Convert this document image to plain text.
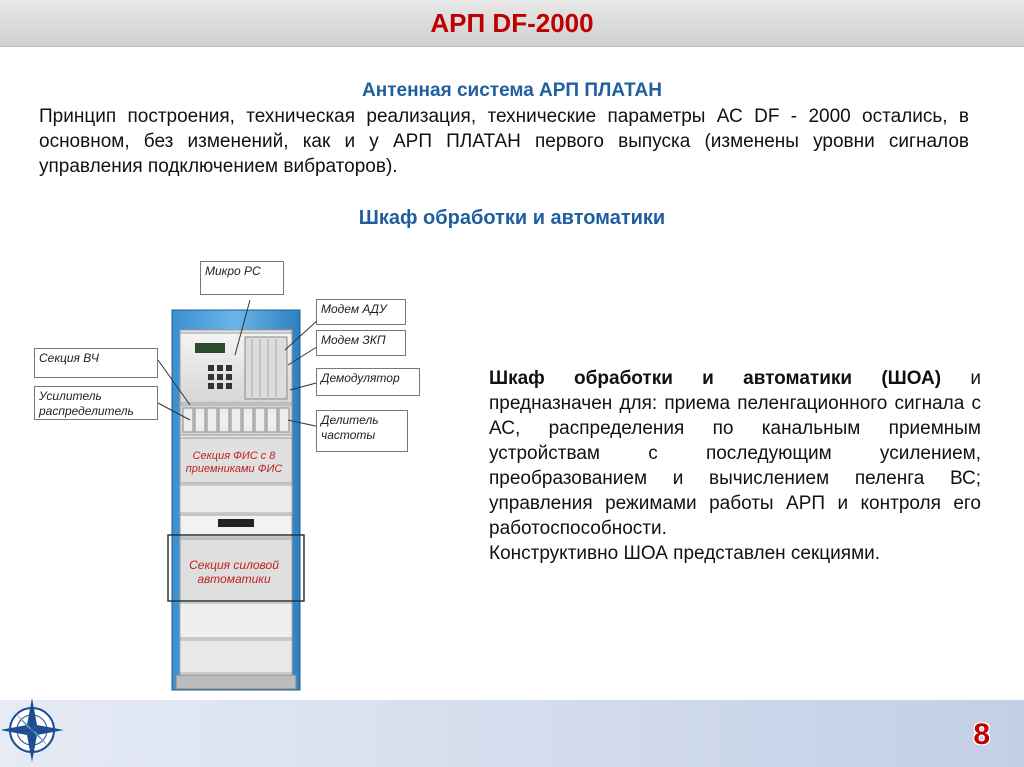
АРП DF-2000
Антенная система АРП ПЛАТАН
Принцип построения, техническая реализация, технические параметры АС DF - 2000 остались, в основном, без изменений, как и у АРП ПЛАТАН первого выпуска (изменены уровни сигналов управления подключением вибраторов).
Шкаф обработки и автоматики
Микро PC
Модем АДУ
Модем ЗКП
Демодулятор
Делитель частоты
Секция ВЧ
Усилитель распределитель
Секция ФИС с 8 приемниками ФИС
Секция силовой автоматики
Шкаф обработки и автоматики (ШОА) и предназначен для: приема пеленгационного сигнала с АС, распределения по канальным приемным устройствам с последующим усилением, преобразованием и вычислением пеленга ВС; управления режимами работы АРП и контроля его работоспособности.
Конструктивно ШОА представлен секциями.
8
